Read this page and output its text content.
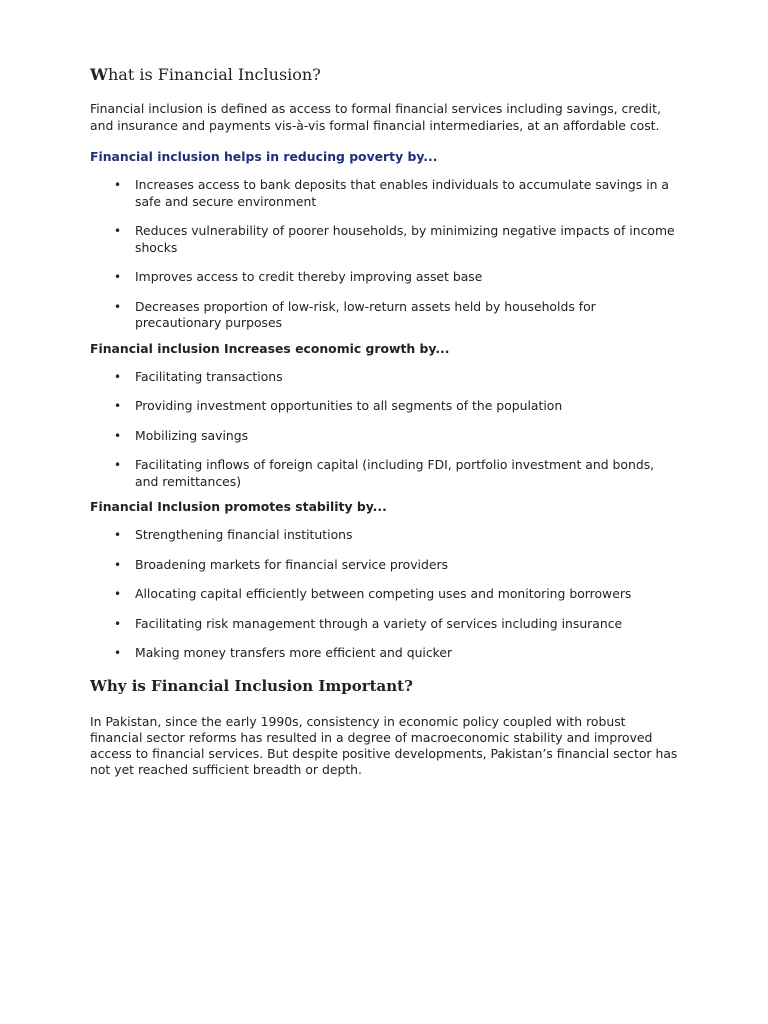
What is Financial Inclusion?

Financial inclusion is defined as access to formal financial services including savings, credit, and insurance and payments vis-à-vis formal financial intermediaries, at an affordable cost.

Financial inclusion helps in reducing poverty by...
• Increases access to bank deposits that enables individuals to accumulate savings in a safe and secure environment
• Reduces vulnerability of poorer households, by minimizing negative impacts of income shocks
• Improves access to credit thereby improving asset base
• Decreases proportion of low-risk, low-return assets held by households for precautionary purposes
Financial inclusion Increases economic growth by...
• Facilitating transactions
• Providing investment opportunities to all segments of the population
• Mobilizing savings
• Facilitating inflows of foreign capital (including FDI, portfolio investment and bonds, and remittances)
Financial Inclusion promotes stability by...
• Strengthening financial institutions
• Broadening markets for financial service providers
• Allocating capital efficiently between competing uses and monitoring borrowers
• Facilitating risk management through a variety of services including insurance
• Making money transfers more efficient and quicker
Why is Financial Inclusion Important?

In Pakistan, since the early 1990s, consistency in economic policy coupled with robust financial sector reforms has resulted in a degree of macroeconomic stability and improved access to financial services. But despite positive developments, Pakistan’s financial sector has not yet reached sufficient breadth or depth.
